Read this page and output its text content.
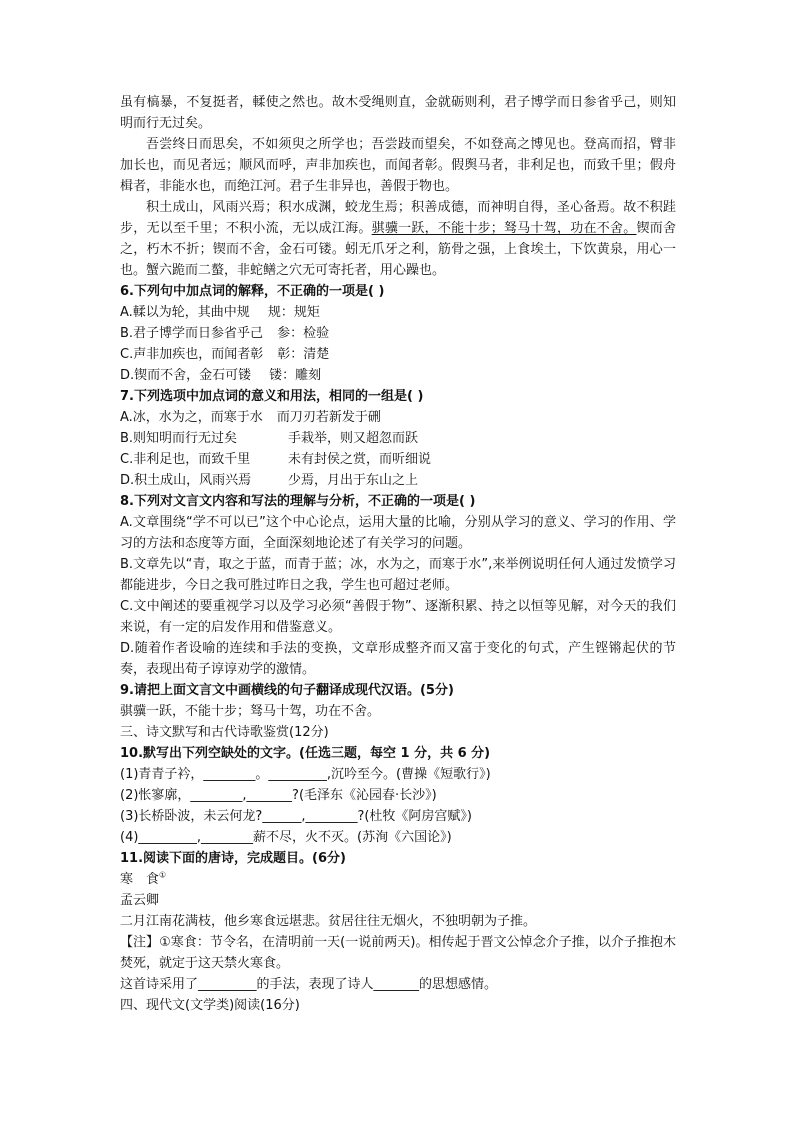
虽有槁暴，不复挺者，輮使之然也。故木受绳则直，金就砺则利，君子博学而日参省乎己，则知明而行无过矣。

吾尝终日而思矣，不如须臾之所学也；吾尝跂而望矣，不如登高之博见也。登高而招，臂非加长也，而见者远；顺风而呼，声非加疾也，而闻者彰。假舆马者，非利足也，而致千里；假舟楫者，非能水也，而绝江河。君子生非异也，善假于物也。

积土成山，风雨兴焉；积水成渊，蛟龙生焉；积善成德，而神明自得，圣心备焉。故不积跬步，无以至千里；不积小流，无以成江海。骐骥一跃，不能十步；驽马十驾，功在不舍。锲而舍之，朽木不折；锲而不舍，金石可镂。蚓无爪牙之利，筋骨之强，上食埃土，下饮黄泉，用心一也。蟹六跪而二螯，非蛇鳝之穴无可寄托者，用心躁也。

6.下列句中加点词的解释，不正确的一项是( )

A.輮以为轮，其曲中规 规：规矩

B.君子博学而日参省乎己 参：检验

C.声非加疾也，而闻者彰 彰：清楚

D.锲而不舍，金石可镂 镂：雕刻

7.下列选项中加点词的意义和用法，相同的一组是( )

A.冰，水为之，而寒于水 而刀刃若新发于硎

B.则知明而行无过矣	手栽举，则又超忽而跃

C.非利足也，而致千里	未有封侯之赏，而听细说

D.积土成山，风雨兴焉	少焉，月出于东山之上

8.下列对文言文内容和写法的理解与分析，不正确的一项是( )

A.文章围绕“学不可以已”这个中心论点，运用大量的比喻，分别从学习的意义、学习的作用、学习的方法和态度等方面，全面深刻地论述了有关学习的问题。

B.文章先以“青，取之于蓝，而青于蓝；冰，水为之，而寒于水”,来举例说明任何人通过发愤学习都能进步，今日之我可胜过昨日之我，学生也可超过老师。

C.文中阐述的要重视学习以及学习必须“善假于物”、逐渐积累、持之以恒等见解，对今天的我们来说，有一定的启发作用和借鉴意义。

D.随着作者设喻的连续和手法的变换，文章形成整齐而又富于变化的句式，产生铿锵起伏的节奏，表现出荀子谆谆劝学的激情。

9.请把上面文言文中画横线的句子翻译成现代汉语。(5分)

骐骥一跃，不能十步；驽马十驾，功在不舍。

三、诗文默写和古代诗歌鉴赏(12分)

10.默写出下列空缺处的文字。(任选三题，每空 1 分，共 6 分)

(1)青青子衿，________。_________,沉吟至今。(曹操《短歌行》)

(2)怅寥廓，________,_______?(毛泽东《沁园春·长沙》)

(3)长桥卧波，未云何龙?______,________?(杜牧《阿房宫赋》)

(4)_________,________薪不尽，火不灭。(苏洵《六国论》)

11.阅读下面的唐诗，完成题目。(6分)

寒　食①

孟云卿

二月江南花满枝，他乡寒食远堪悲。贫居往往无烟火，不独明朝为子推。

【注】①寒食：节令名，在清明前一天(一说前两天)。相传起于晋文公悼念介子推，以介子推抱木焚死，就定于这天禁火寒食。

这首诗采用了_________的手法，表现了诗人_______的思想感情。

四、现代文(文学类)阅读(16分)
